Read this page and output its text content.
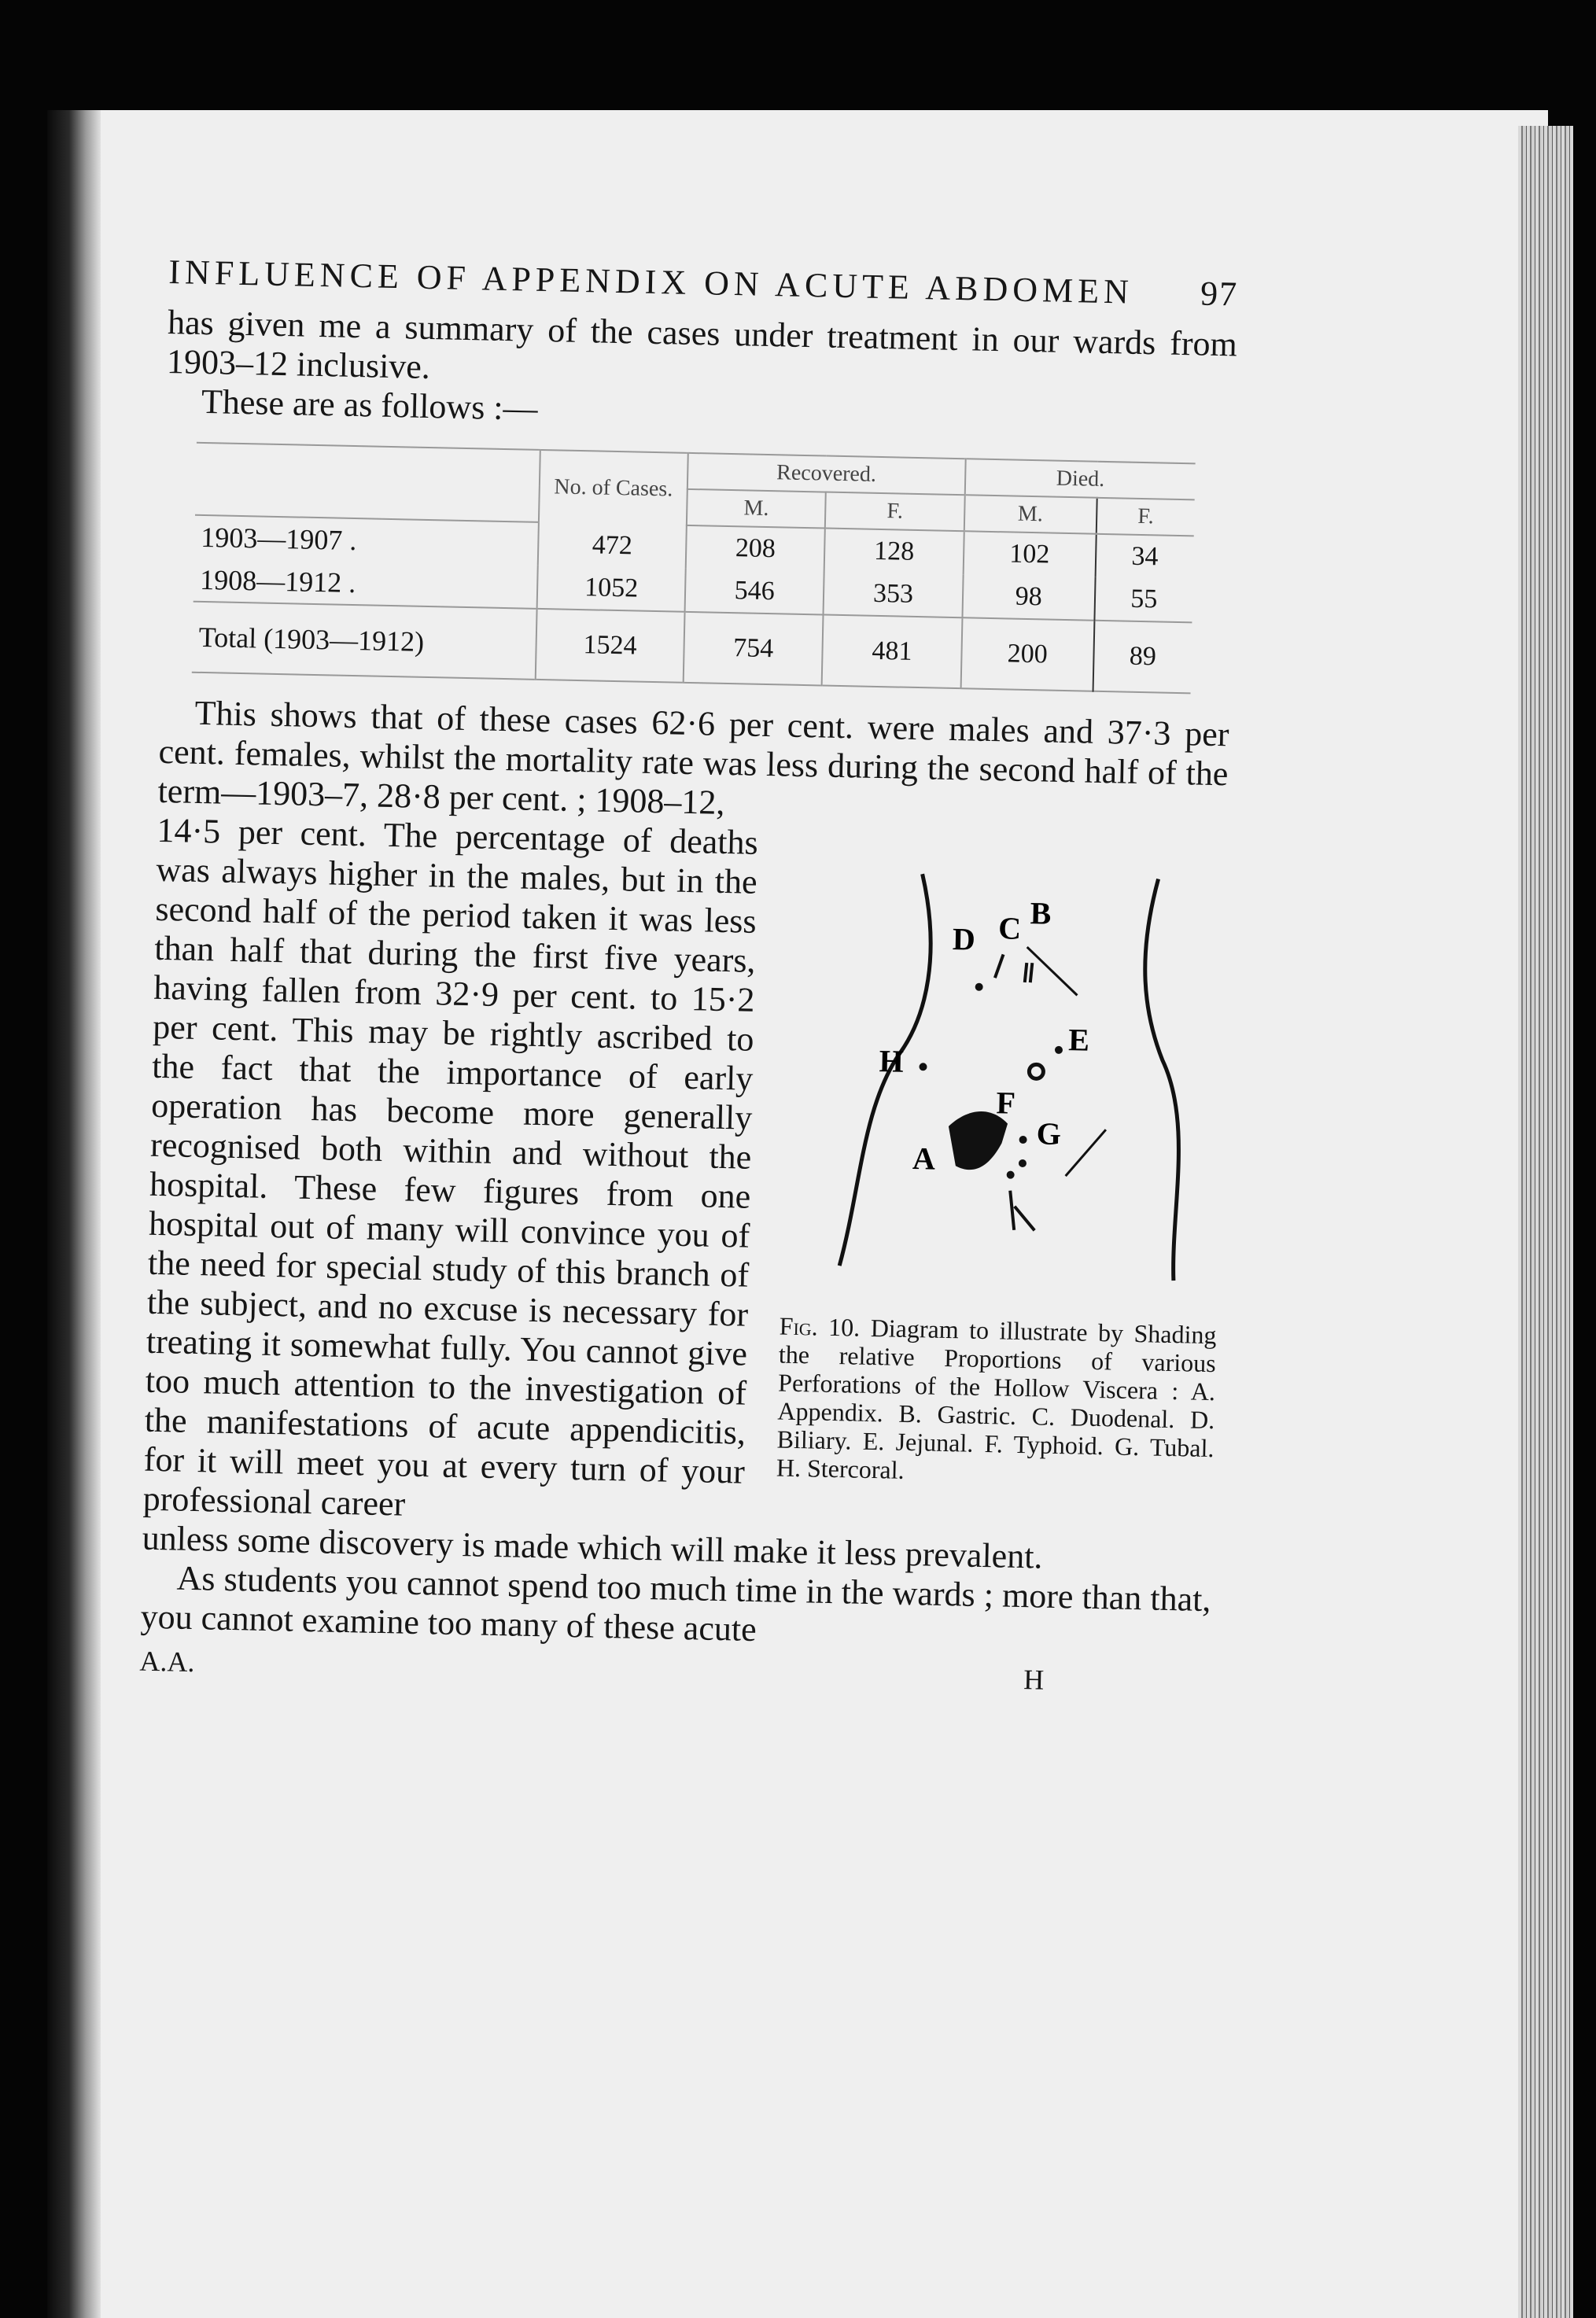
INFLUENCE OF APPENDIX ON ACUTE ABDOMEN 97

has given me a summary of the cases under treatment in our wards from 1903–12 inclusive.

These are as follows :—

	No. of Cases.	Recovered.		Died.	
		M.	F.	M.	F.
1903—1907 .	472	208	128	102	34
1908—1912 .	1052	546	353	98	55
Total (1903—1912)	1524	754	481	200	89

This shows that of these cases 62·6 per cent. were males and 37·3 per cent. females, whilst the mortality rate was less during the second half of the term—1903–7, 28·8 per cent. ; 1908–12,

14·5 per cent. The percentage of deaths was always higher in the males, but in the second half of the period taken it was less than half that during the first five years, having fallen from 32·9 per cent. to 15·2 per cent. This may be rightly ascribed to the fact that the importance of early operation has become more generally recognised both within and without the hospital. These few figures from one hospital out of many will convince you of the need for special study of this branch of the subject, and no excuse is necessary for treating it somewhat fully. You cannot give too much attention to the investigation of the manifestations of acute appendicitis, for it will meet you at every turn of your professional career

D C B
E
H
F
G
A

Fig. 10. Diagram to illustrate by Shading the relative Proportions of various Perforations of the Hollow Viscera : A. Appendix. B. Gastric. C. Duodenal. D. Biliary. E. Jejunal. F. Typhoid. G. Tubal. H. Stercoral.

unless some discovery is made which will make it less prevalent.

As students you cannot spend too much time in the wards ; more than that, you cannot examine too many of these acute

A.A.
H
